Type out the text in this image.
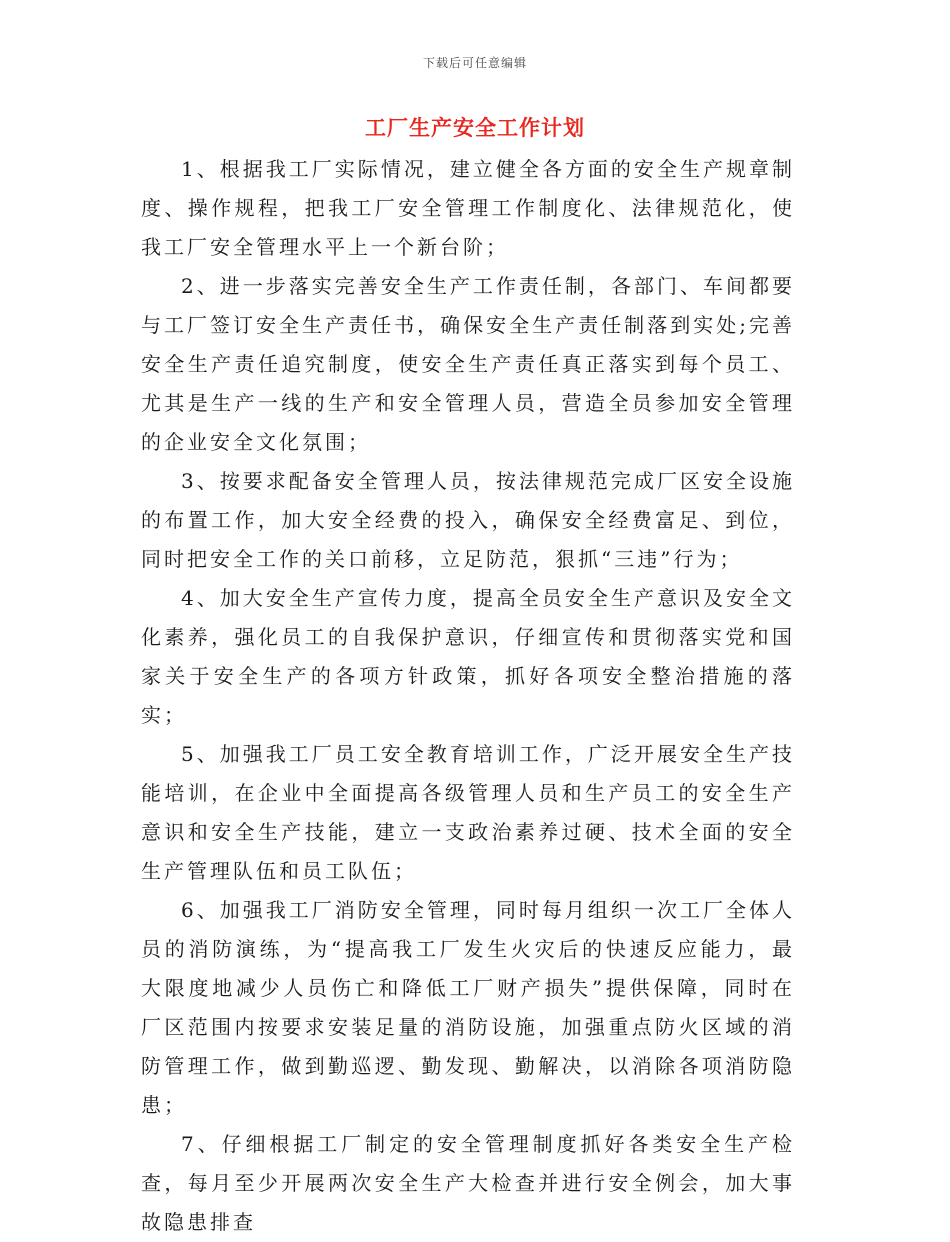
下载后可任意编辑
工厂生产安全工作计划

1、根据我工厂实际情况，建立健全各方面的安全生产规章制度、操作规程，把我工厂安全管理工作制度化、法律规范化，使我工厂安全管理水平上一个新台阶；

2、进一步落实完善安全生产工作责任制，各部门、车间都要与工厂签订安全生产责任书，确保安全生产责任制落到实处;完善安全生产责任追究制度，使安全生产责任真正落实到每个员工、尤其是生产一线的生产和安全管理人员，营造全员参加安全管理的企业安全文化氛围；

3、按要求配备安全管理人员，按法律规范完成厂区安全设施的布置工作，加大安全经费的投入，确保安全经费富足、到位，同时把安全工作的关口前移，立足防范，狠抓“三违”行为；

4、加大安全生产宣传力度，提高全员安全生产意识及安全文化素养，强化员工的自我保护意识，仔细宣传和贯彻落实党和国家关于安全生产的各项方针政策，抓好各项安全整治措施的落实；

5、加强我工厂员工安全教育培训工作，广泛开展安全生产技能培训，在企业中全面提高各级管理人员和生产员工的安全生产意识和安全生产技能，建立一支政治素养过硬、技术全面的安全生产管理队伍和员工队伍；

6、加强我工厂消防安全管理，同时每月组织一次工厂全体人员的消防演练，为“提高我工厂发生火灾后的快速反应能力，最大限度地减少人员伤亡和降低工厂财产损失”提供保障，同时在厂区范围内按要求安装足量的消防设施，加强重点防火区域的消防管理工作，做到勤巡逻、勤发现、勤解决，以消除各项消防隐患；

7、仔细根据工厂制定的安全管理制度抓好各类安全生产检查，每月至少开展两次安全生产大检查并进行安全例会，加大事故隐患排查
